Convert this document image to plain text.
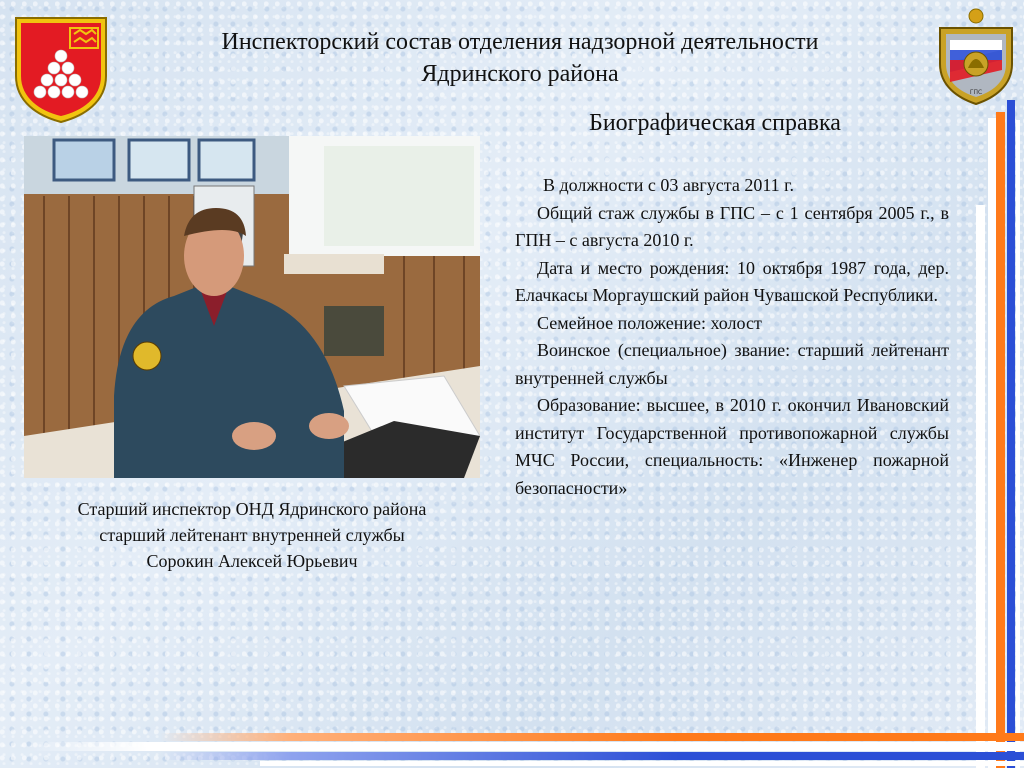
ГПС
Инспекторский состав отделения надзорной деятельности
Ядринского района
Биографическая справка
Старший инспектор ОНД Ядринского района
старший лейтенант внутренней службы
Сорокин Алексей Юрьевич

В должности с 03 августа 2011 г.

Общий стаж службы в ГПС – с 1 сентября 2005 г., в ГПН – с августа 2010 г.

Дата и место рождения: 10 октября 1987 года, дер. Елачкасы Моргаушский район Чувашской Республики.

Семейное положение: холост

Воинское (специальное) звание: старший лейтенант внутренней службы

Образование: высшее, в 2010 г. окончил Ивановский институт Государственной противопожарной службы МЧС России, специальность: «Инженер пожарной безопасности»
